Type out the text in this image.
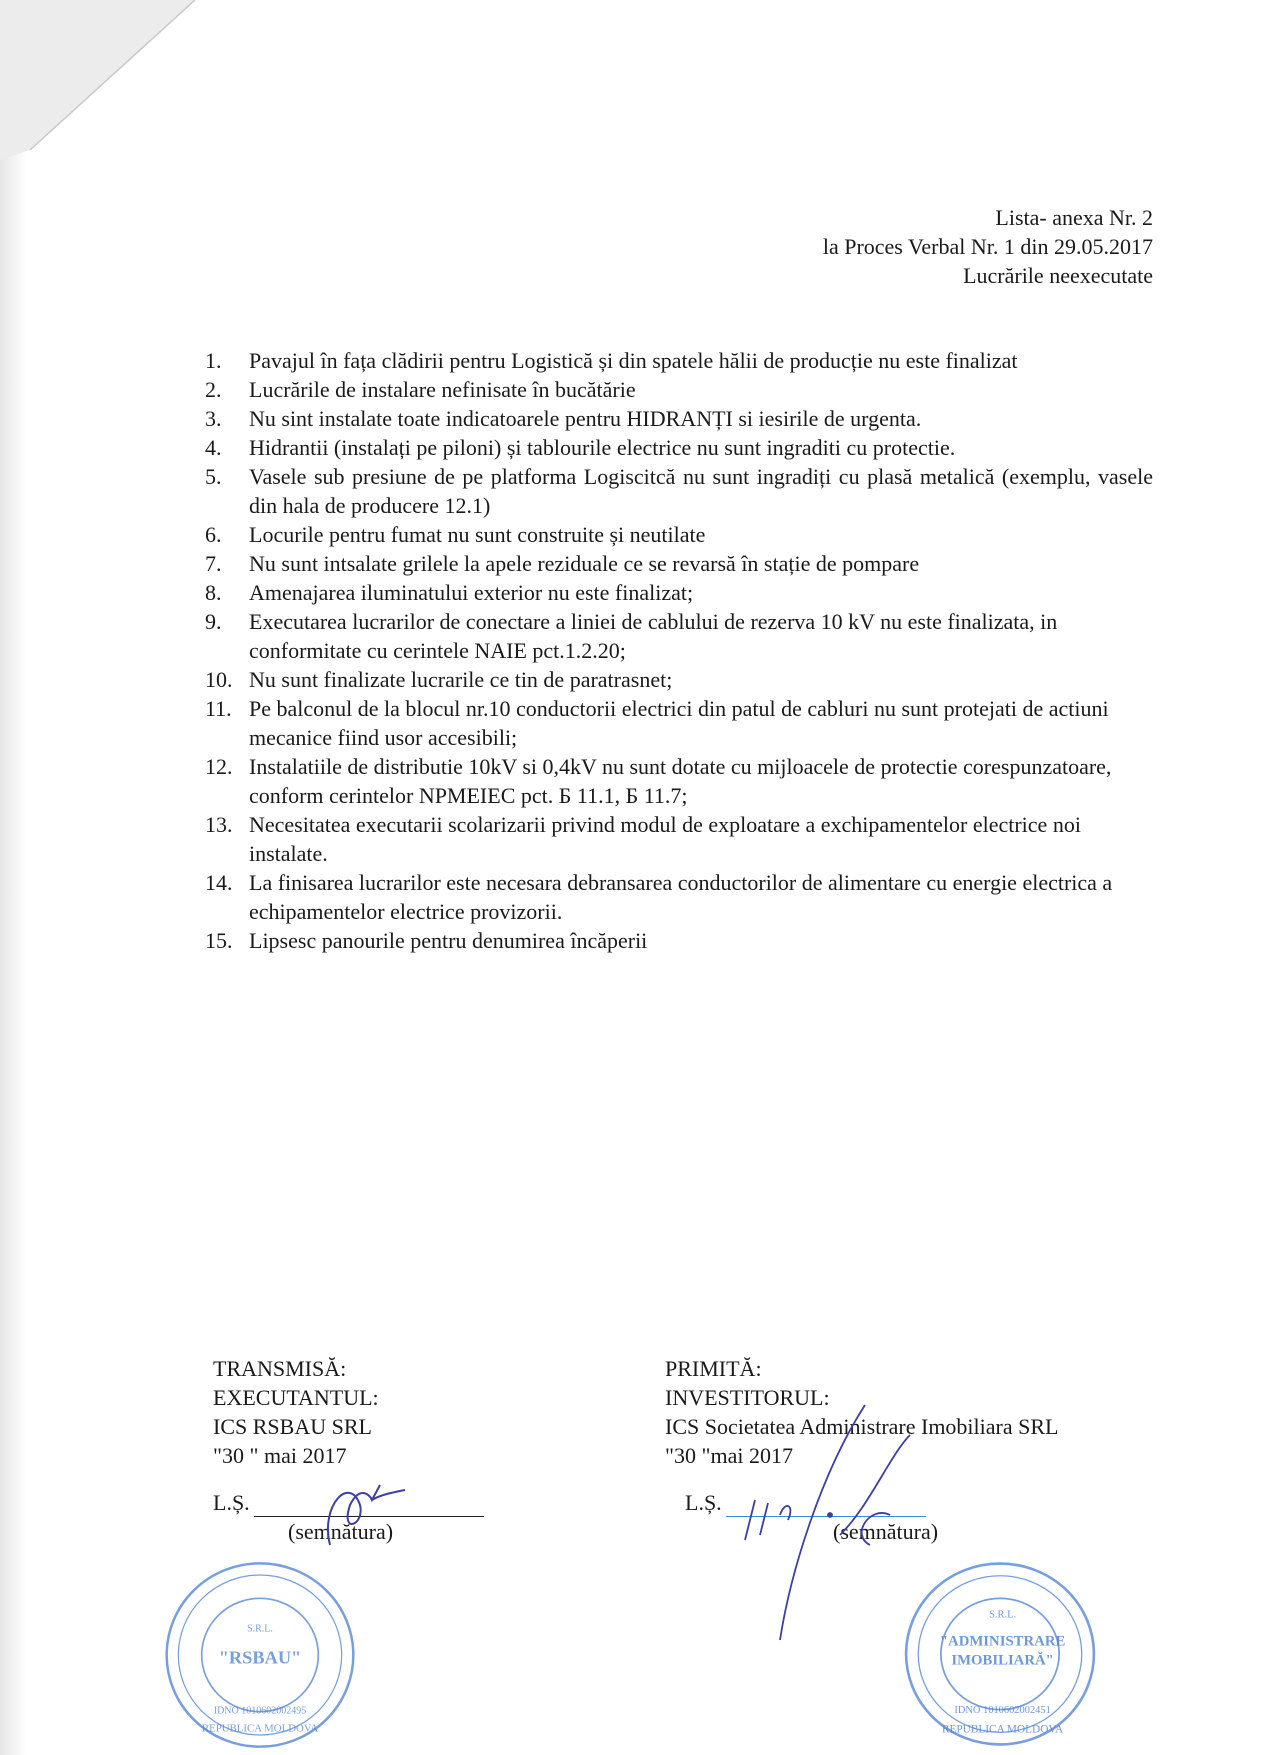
Lista- anexa Nr. 2
la Proces Verbal Nr. 1 din 29.05.2017
Lucrările neexecutate
1.	Pavajul în fața clădirii pentru Logistică și din spatele hălii de producție nu este finalizat
2.	Lucrările de instalare nefinisate în bucătărie
3.	Nu sint instalate toate indicatoarele pentru HIDRANȚI si iesirile de urgenta.
4.	Hidrantii (instalați pe piloni) și tablourile electrice nu sunt ingraditi cu protectie.
5.	Vasele sub presiune de pe platforma Logiscitcă nu sunt ingradiți cu plasă metalică (exemplu, vasele din hala de producere 12.1)
6.	Locurile pentru fumat nu sunt construite și neutilate
7.	Nu sunt intsalate grilele la apele reziduale ce se revarsă în stație de pompare
8.	Amenajarea iluminatului exterior nu este finalizat;
9.	Executarea lucrarilor de conectare a liniei de cablului de rezerva 10 kV nu este finalizata, in conformitate cu cerintele NAIE pct.1.2.20;
10. Nu sunt finalizate lucrarile ce tin de paratrasnet;
11. Pe balconul de la blocul nr.10 conductorii electrici din patul de cabluri nu sunt protejati de actiuni mecanice fiind usor accesibili;
12. Instalatiile de distributie 10kV si 0,4kV nu sunt dotate cu mijloacele de protectie corespunzatoare, conform cerintelor NPMEIEC pct. Б 11.1, Б 11.7;
13. Necesitatea executarii scolarizarii privind modul de exploatare a exchipamentelor electrice noi instalate.
14. La finisarea lucrarilor este necesara debransarea conductorilor de alimentare cu energie electrica a echipamentelor electrice provizorii.
15. Lipsesc panourile pentru denumirea încăperii
TRANSMISĂ:
EXECUTANTUL:
ICS RSBAU SRL
"30 " mai 2017
L.Ș.
(semnătura)
PRIMITĂ:
INVESTITORUL:
ICS Societatea Administrare Imobiliara SRL
"30 "mai 2017
L.Ș.
(semnătura)
S.R.L.
"RSBAU"
IDNO 1010602002495
REPUBLICA MOLDOVA
S.R.L.
"ADMINISTRARE
IMOBILIARĂ"
IDNO 1010602002451
REPUBLICA MOLDOVA
